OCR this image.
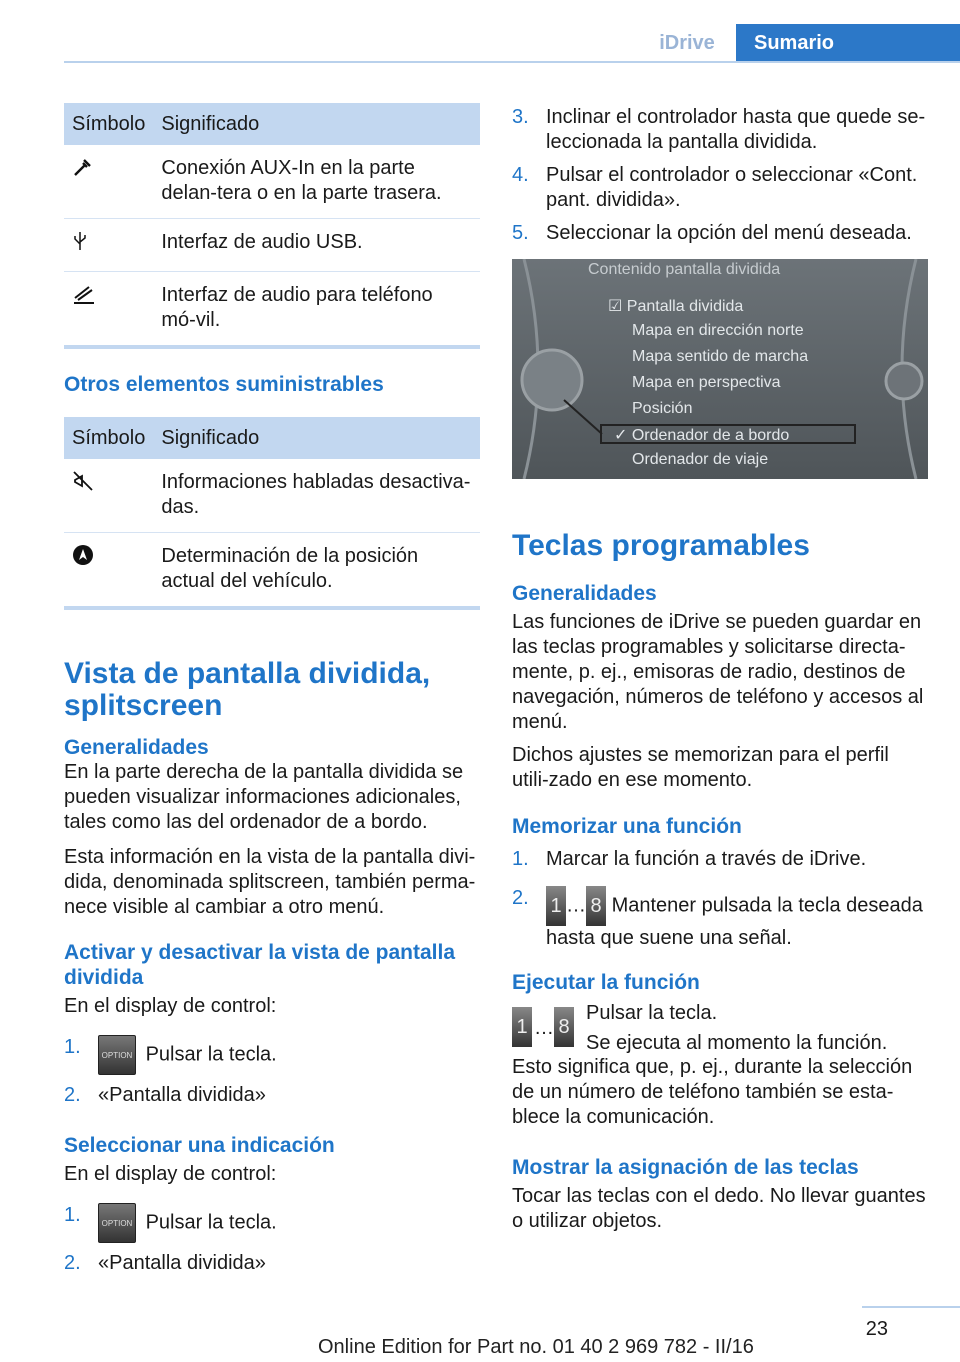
iDrive	Sumario
Símbolo	Significado
	Conexión AUX-In en la parte delan-tera o en la parte trasera.
	Interfaz de audio USB.
	Interfaz de audio para teléfono mó-vil.
Otros elementos suministrables
Símbolo	Significado
	Informaciones habladas desactiva-das.
	Determinación de la posición actual del vehículo.
Vista de pantalla dividida, splitscreen
Generalidades

En la parte derecha de la pantalla dividida se pueden visualizar informaciones adicionales, tales como las del ordenador de a bordo.

Esta información en la vista de la pantalla divi-dida, denominada splitscreen, también perma-nece visible al cambiar a otro menú.

Activar y desactivar la vista de pantalla dividida

En el display de control:

1.	OPTION Pulsar la tecla.
2. «Pantalla dividida»
Seleccionar una indicación

En el display de control:

1.	OPTION Pulsar la tecla.
2. «Pantalla dividida»
3. Inclinar el controlador hasta que quede se-leccionada la pantalla dividida.
4. Pulsar el controlador o seleccionar «Cont. pant. dividida».
5. Seleccionar la opción del menú deseada.
Contenido pantalla dividida
☑ Pantalla dividida
Mapa en dirección norte
Mapa sentido de marcha
Mapa en perspectiva
Posición
✓ Ordenador de a bordo
Ordenador de viaje
Teclas programables
Generalidades

Las funciones de iDrive se pueden guardar en las teclas programables y solicitarse directa-mente, p. ej., emisoras de radio, destinos de navegación, números de teléfono y accesos al menú.

Dichos ajustes se memorizan para el perfil utili-zado en ese momento.

Memorizar una función
1. Marcar la función a través de iDrive.
2. 1 … 8 Mantener pulsada la tecla deseada hasta que suene una señal.
Ejecutar la función
1 … 8

Pulsar la tecla.

Se ejecuta al momento la función.

Esto significa que, p. ej., durante la selección de un número de teléfono también se esta-blece la comunicación.

Mostrar la asignación de las teclas

Tocar las teclas con el dedo. No llevar guantes o utilizar objetos.

23
Online Edition for Part no. 01 40 2 969 782 - II/16
